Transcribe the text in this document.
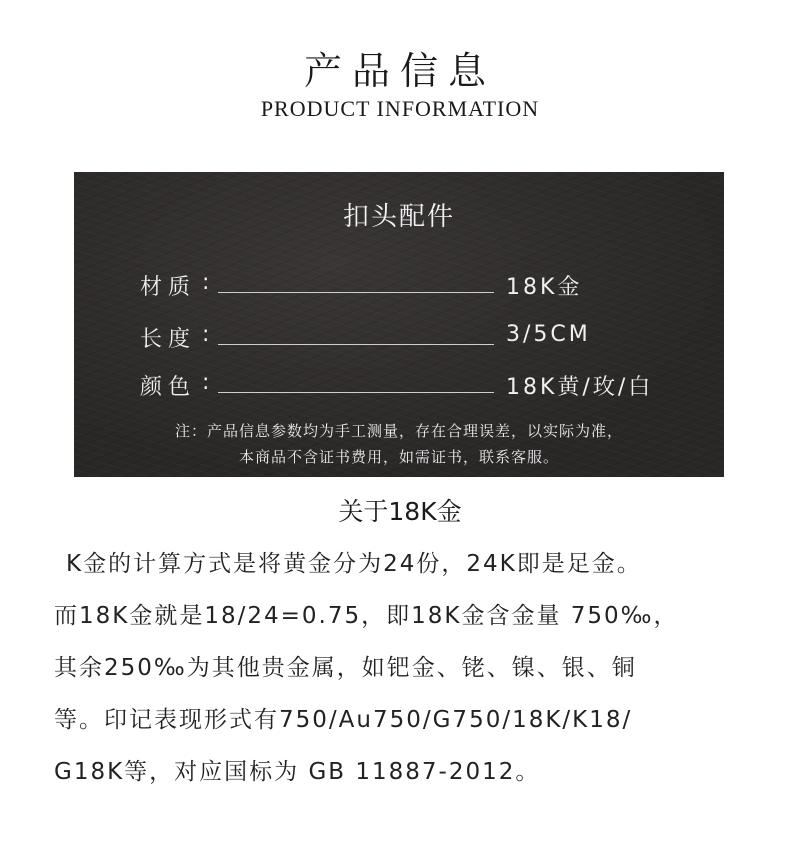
产品信息
PRODUCT INFORMATION
扣头配件
材质 :	18K金
长度 :	3/5CM
颜色 :	18K黄/玫/白
注：产品信息参数均为手工测量，存在合理误差，以实际为准，
本商品不含证书费用，如需证书，联系客服。
关于18K金
K金的计算方式是将黄金分为24份，24K即是足金。
而18K金就是18/24=0.75，即18K金含金量 750‰，
其余250‰为其他贵金属，如钯金、铑、镍、银、铜
等。印记表现形式有750/Au750/G750/18K/K18/
G18K等，对应国标为 GB 11887-2012。
